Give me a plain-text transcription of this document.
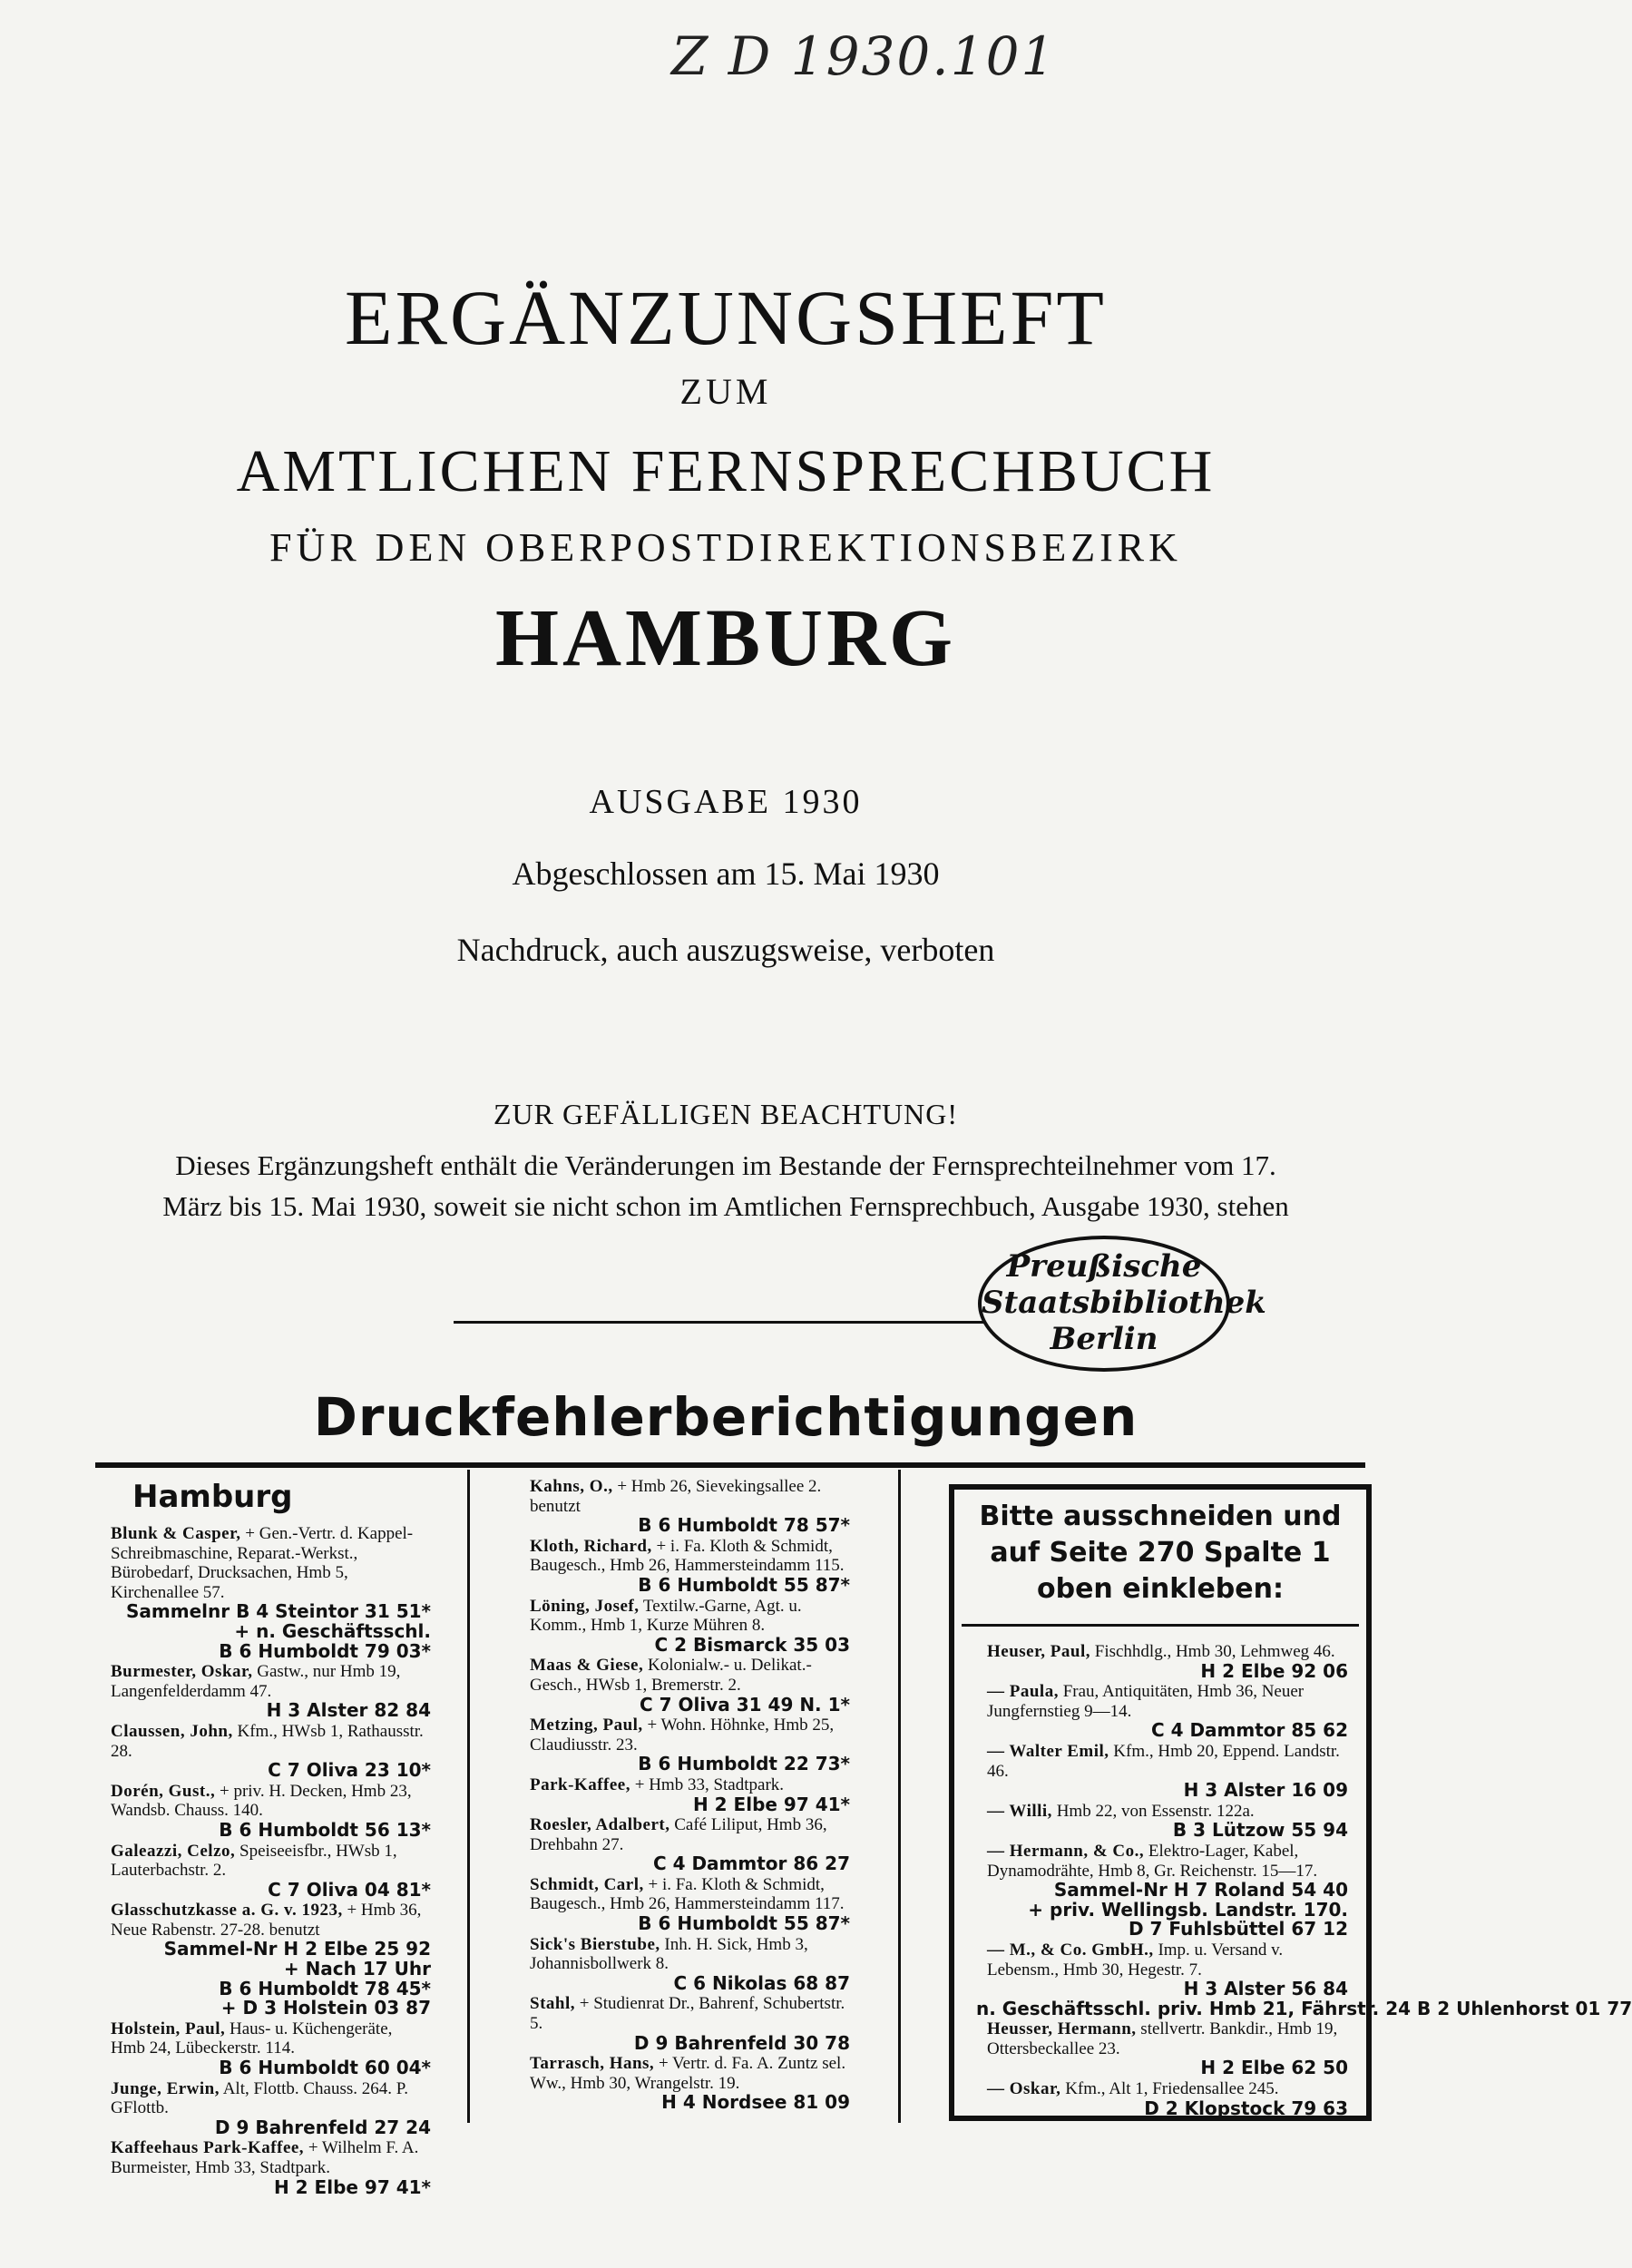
Z D 1930.101
ERGÄNZUNGSHEFT
ZUM
AMTLICHEN FERNSPRECHBUCH
FÜR DEN OBERPOSTDIREKTIONSBEZIRK
HAMBURG
AUSGABE 1930
Abgeschlossen am 15. Mai 1930
Nachdruck, auch auszugsweise, verboten
ZUR GEFÄLLIGEN BEACHTUNG!
Dieses Ergänzungsheft enthält die Veränderungen im Bestande der Fernsprechteilnehmer vom 17. März bis 15. Mai 1930, soweit sie nicht schon im Amtlichen Fernsprechbuch, Ausgabe 1930, stehen
Preußische
Staatsbibliothek
Berlin
Druckfehlerberichtigungen
Hamburg
Blunk & Casper, + Gen.-Vertr. d. Kappel-Schreibmaschine, Reparat.-Werkst., Bürobedarf, Drucksachen, Hmb 5, Kirchenallee 57.
Sammelnr B 4 Steintor 31 51*
+ n. Geschäftsschl.
B 6 Humboldt 79 03*
Burmester, Oskar, Gastw., nur Hmb 19, Langenfelderdamm 47.
H 3 Alster 82 84
Claussen, John, Kfm., HWsb 1, Rathausstr. 28.
C 7 Oliva 23 10*
Dorén, Gust., + priv. H. Decken, Hmb 23, Wandsb. Chauss. 140.
B 6 Humboldt 56 13*
Galeazzi, Celzo, Speiseeisfbr., HWsb 1, Lauterbachstr. 2.
C 7 Oliva 04 81*
Glasschutzkasse a. G. v. 1923, + Hmb 36, Neue Rabenstr. 27-28. benutzt
Sammel-Nr H 2 Elbe 25 92
+ Nach 17 Uhr
B 6 Humboldt 78 45*
+ D 3 Holstein 03 87
Holstein, Paul, Haus- u. Küchengeräte, Hmb 24, Lübeckerstr. 114.
B 6 Humboldt 60 04*
Junge, Erwin, Alt, Flottb. Chauss. 264. P. GFlottb.
D 9 Bahrenfeld 27 24
Kaffeehaus Park-Kaffee, + Wilhelm F. A. Burmeister, Hmb 33, Stadtpark.
H 2 Elbe 97 41*
Kahns, O., + Hmb 26, Sievekingsallee 2. benutzt
B 6 Humboldt 78 57*
Kloth, Richard, + i. Fa. Kloth & Schmidt, Baugesch., Hmb 26, Hammersteindamm 115.
B 6 Humboldt 55 87*
Löning, Josef, Textilw.-Garne, Agt. u. Komm., Hmb 1, Kurze Mühren 8.
C 2 Bismarck 35 03
Maas & Giese, Kolonialw.- u. Delikat.-Gesch., HWsb 1, Bremerstr. 2.
C 7 Oliva 31 49 N. 1*
Metzing, Paul, + Wohn. Höhnke, Hmb 25, Claudiusstr. 23.
B 6 Humboldt 22 73*
Park-Kaffee, + Hmb 33, Stadtpark.
H 2 Elbe 97 41*
Roesler, Adalbert, Café Liliput, Hmb 36, Drehbahn 27.
C 4 Dammtor 86 27
Schmidt, Carl, + i. Fa. Kloth & Schmidt, Baugesch., Hmb 26, Hammersteindamm 117.
B 6 Humboldt 55 87*
Sick's Bierstube, Inh. H. Sick, Hmb 3, Johannisbollwerk 8.
C 6 Nikolas 68 87
Stahl, + Studienrat Dr., Bahrenf, Schubertstr. 5.
D 9 Bahrenfeld 30 78
Tarrasch, Hans, + Vertr. d. Fa. A. Zuntz sel. Ww., Hmb 30, Wrangelstr. 19.
H 4 Nordsee 81 09
Bitte ausschneiden und auf Seite 270 Spalte 1 oben einkleben:
Heuser, Paul, Fischhdlg., Hmb 30, Lehmweg 46.
H 2 Elbe 92 06
— Paula, Frau, Antiquitäten, Hmb 36, Neuer Jungfernstieg 9—14.
C 4 Dammtor 85 62
— Walter Emil, Kfm., Hmb 20, Eppend. Landstr. 46.
H 3 Alster 16 09
— Willi, Hmb 22, von Essenstr. 122a.
B 3 Lützow 55 94
— Hermann, & Co., Elektro-Lager, Kabel, Dynamodrähte, Hmb 8, Gr. Reichenstr. 15—17.
Sammel-Nr H 7 Roland 54 40
+ priv. Wellingsb. Landstr. 170.
D 7 Fuhlsbüttel 67 12
— M., & Co. GmbH., Imp. u. Versand v. Lebensm., Hmb 30, Hegestr. 7.
H 3 Alster 56 84
n. Geschäftsschl. priv. Hmb 21, Fährstr. 24 B 2 Uhlenhorst 01 77
Heusser, Hermann, stellvertr. Bankdir., Hmb 19, Ottersbeckallee 23.
H 2 Elbe 62 50
— Oskar, Kfm., Alt 1, Friedensallee 245.
D 2 Klopstock 79 63
